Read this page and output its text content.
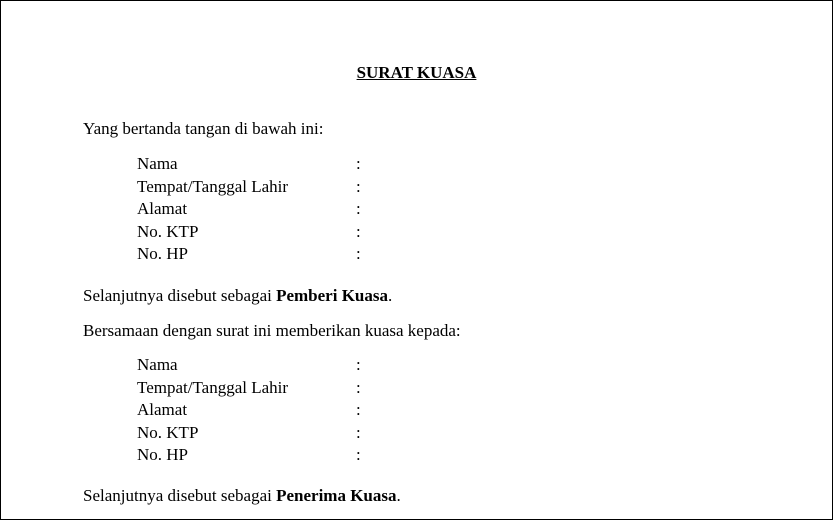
SURAT KUASA
Yang bertanda tangan di bawah ini:
Nama	:
Tempat/Tanggal Lahir	:
Alamat	:
No. KTP	:
No. HP	:
Selanjutnya disebut sebagai Pemberi Kuasa.
Bersamaan dengan surat ini memberikan kuasa kepada:
Nama	:
Tempat/Tanggal Lahir	:
Alamat	:
No. KTP	:
No. HP	:
Selanjutnya disebut sebagai Penerima Kuasa.
